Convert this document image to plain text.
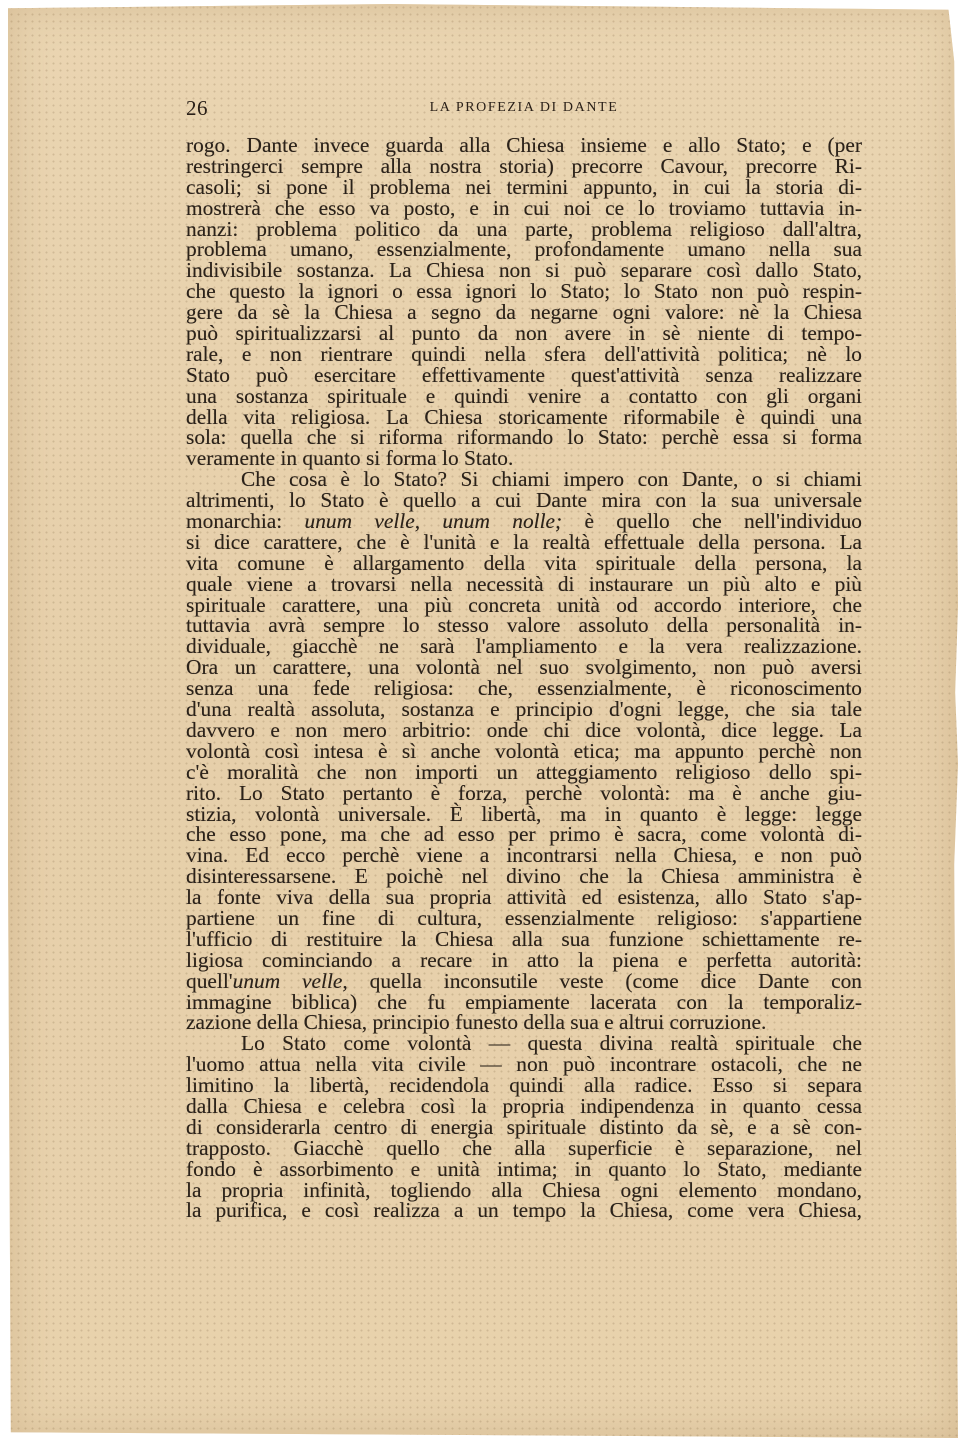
26	LA PROFEZIA DI DANTE
rogo. Dante invece guarda alla Chiesa insieme e allo Stato; e (per
restringerci sempre alla nostra storia) precorre Cavour, precorre Ri-
casoli; si pone il problema nei termini appunto, in cui la storia di-
mostrerà che esso va posto, e in cui noi ce lo troviamo tuttavia in-
nanzi: problema politico da una parte, problema religioso dall'altra,
problema umano, essenzialmente, profondamente umano nella sua
indivisibile sostanza. La Chiesa non si può separare così dallo Stato,
che questo la ignori o essa ignori lo Stato; lo Stato non può respin-
gere da sè la Chiesa a segno da negarne ogni valore: nè la Chiesa
può spiritualizzarsi al punto da non avere in sè niente di tempo-
rale, e non rientrare quindi nella sfera dell'attività politica; nè lo
Stato può esercitare effettivamente quest'attività senza realizzare
una sostanza spirituale e quindi venire a contatto con gli organi
della vita religiosa. La Chiesa storicamente riformabile è quindi una
sola: quella che si riforma riformando lo Stato: perchè essa si forma
veramente in quanto si forma lo Stato.
Che cosa è lo Stato? Si chiami impero con Dante, o si chiami
altrimenti, lo Stato è quello a cui Dante mira con la sua universale
monarchia: unum velle, unum nolle; è quello che nell'individuo
si dice carattere, che è l'unità e la realtà effettuale della persona. La
vita comune è allargamento della vita spirituale della persona, la
quale viene a trovarsi nella necessità di instaurare un più alto e più
spirituale carattere, una più concreta unità od accordo interiore, che
tuttavia avrà sempre lo stesso valore assoluto della personalità in-
dividuale, giacchè ne sarà l'ampliamento e la vera realizzazione.
Ora un carattere, una volontà nel suo svolgimento, non può aversi
senza una fede religiosa: che, essenzialmente, è riconoscimento
d'una realtà assoluta, sostanza e principio d'ogni legge, che sia tale
davvero e non mero arbitrio: onde chi dice volontà, dice legge. La
volontà così intesa è sì anche volontà etica; ma appunto perchè non
c'è moralità che non importi un atteggiamento religioso dello spi-
rito. Lo Stato pertanto è forza, perchè volontà: ma è anche giu-
stizia, volontà universale. È libertà, ma in quanto è legge: legge
che esso pone, ma che ad esso per primo è sacra, come volontà di-
vina. Ed ecco perchè viene a incontrarsi nella Chiesa, e non può
disinteressarsene. E poichè nel divino che la Chiesa amministra è
la fonte viva della sua propria attività ed esistenza, allo Stato s'ap-
partiene un fine di cultura, essenzialmente religioso: s'appartiene
l'ufficio di restituire la Chiesa alla sua funzione schiettamente re-
ligiosa cominciando a recare in atto la piena e perfetta autorità:
quell'unum velle, quella inconsutile veste (come dice Dante con
immagine biblica) che fu empiamente lacerata con la temporaliz-
zazione della Chiesa, principio funesto della sua e altrui corruzione.
Lo Stato come volontà — questa divina realtà spirituale che
l'uomo attua nella vita civile — non può incontrare ostacoli, che ne
limitino la libertà, recidendola quindi alla radice. Esso si separa
dalla Chiesa e celebra così la propria indipendenza in quanto cessa
di considerarla centro di energia spirituale distinto da sè, e a sè con-
trapposto. Giacchè quello che alla superficie è separazione, nel
fondo è assorbimento e unità intima; in quanto lo Stato, mediante
la propria infinità, togliendo alla Chiesa ogni elemento mondano,
la purifica, e così realizza a un tempo la Chiesa, come vera Chiesa,
